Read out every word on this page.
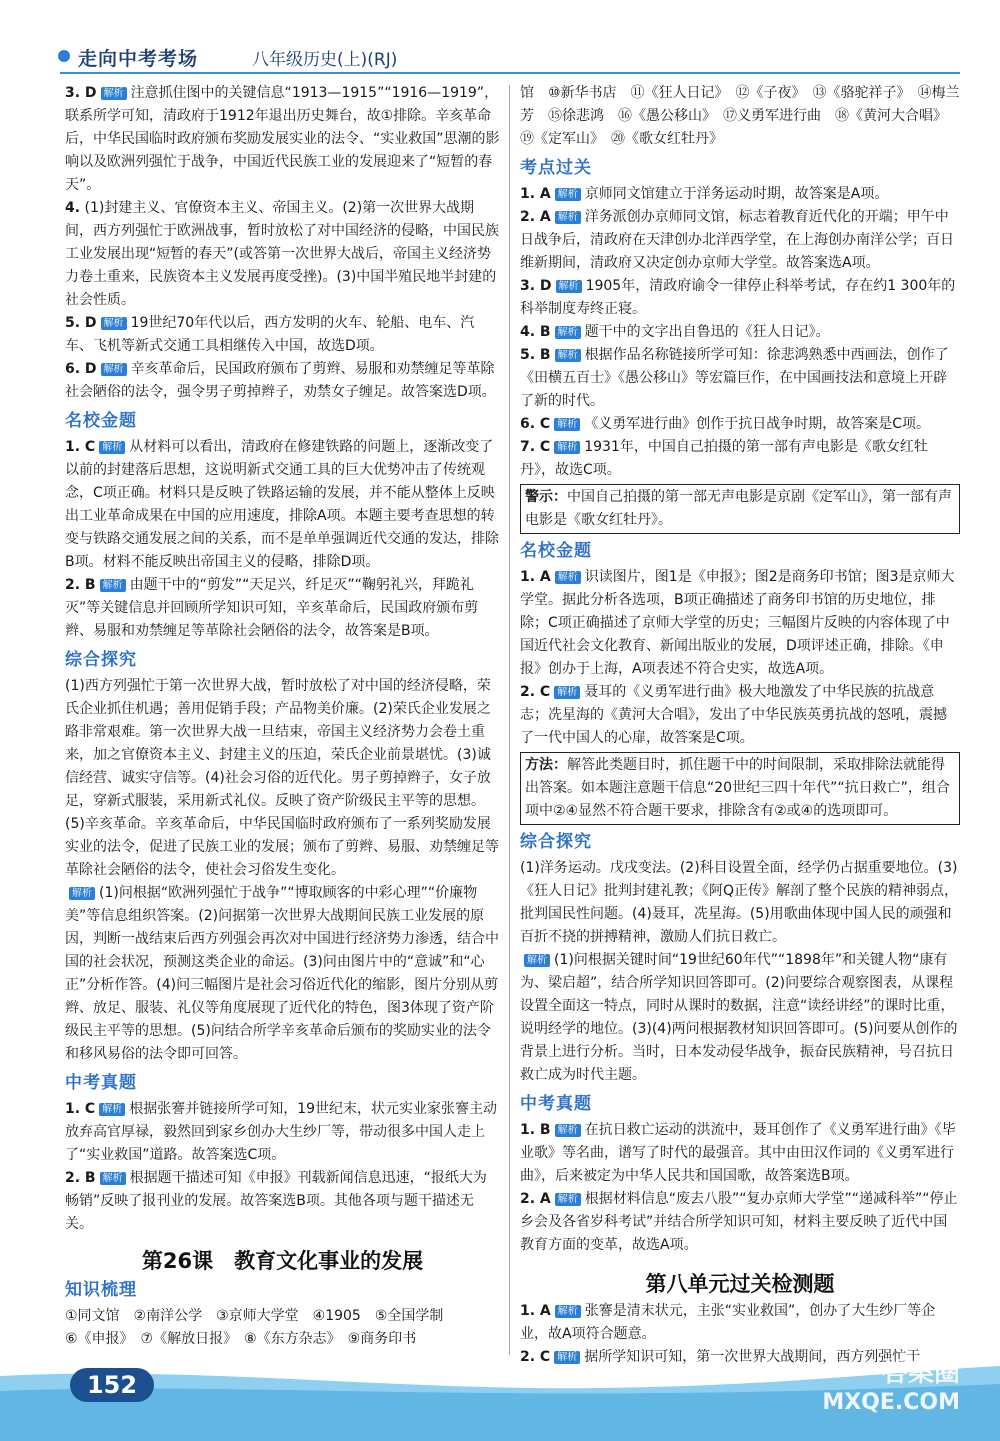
走向中考考场	八年级历史(上)(RJ)
3. D 解析 注意抓住图中的关键信息“1913—1915”“1916—1919”，联系所学可知，清政府于1912年退出历史舞台，故①排除。辛亥革命后，中华民国临时政府颁布奖励发展实业的法令、“实业救国”思潮的影响以及欧洲列强忙于战争，中国近代民族工业的发展迎来了“短暂的春天”。
4. (1)封建主义、官僚资本主义、帝国主义。(2)第一次世界大战期间，西方列强忙于欧洲战事，暂时放松了对中国经济的侵略，中国民族工业发展出现“短暂的春天”(或答第一次世界大战后，帝国主义经济势力卷土重来，民族资本主义发展再度受挫)。(3)中国半殖民地半封建的社会性质。
5. D 解析 19世纪70年代以后，西方发明的火车、轮船、电车、汽车、飞机等新式交通工具相继传入中国，故选D项。
6. D 解析 辛亥革命后，民国政府颁布了剪辫、易服和劝禁缠足等革除社会陋俗的法令，强令男子剪掉辫子，劝禁女子缠足。故答案选D项。
名校金题
1. C 解析 从材料可以看出，清政府在修建铁路的问题上，逐渐改变了以前的封建落后思想，这说明新式交通工具的巨大优势冲击了传统观念，C项正确。材料只是反映了铁路运输的发展，并不能从整体上反映出工业革命成果在中国的应用速度，排除A项。本题主要考查思想的转变与铁路交通发展之间的关系，而不是单单强调近代交通的发达，排除B项。材料不能反映出帝国主义的侵略，排除D项。
2. B 解析 由题干中的“剪发”“天足兴，纤足灭”“鞠躬礼兴，拜跪礼灭”等关键信息并回顾所学知识可知，辛亥革命后，民国政府颁布剪辫、易服和劝禁缠足等革除社会陋俗的法令，故答案是B项。
综合探究
(1)西方列强忙于第一次世界大战，暂时放松了对中国的经济侵略，荣氏企业抓住机遇；善用促销手段；产品物美价廉。(2)荣氏企业发展之路非常艰难。第一次世界大战一旦结束，帝国主义经济势力会卷土重来，加之官僚资本主义、封建主义的压迫，荣氏企业前景堪忧。(3)诚信经营、诚实守信等。(4)社会习俗的近代化。男子剪掉辫子，女子放足，穿新式服装，采用新式礼仪。反映了资产阶级民主平等的思想。(5)辛亥革命。辛亥革命后，中华民国临时政府颁布了一系列奖励发展实业的法令，促进了民族工业的发展；颁布了剪辫、易服、劝禁缠足等革除社会陋俗的法令，使社会习俗发生变化。
解析 (1)问根据“欧洲列强忙于战争”“博取顾客的中彩心理”“价廉物美”等信息组织答案。(2)问据第一次世界大战期间民族工业发展的原因，判断一战结束后西方列强会再次对中国进行经济势力渗透，结合中国的社会状况，预测这类企业的命运。(3)问由图片中的“意诚”和“心正”分析作答。(4)问三幅图片是社会习俗近代化的缩影，图片分别从剪辫、放足、服装、礼仪等角度展现了近代化的特色，图3体现了资产阶级民主平等的思想。(5)问结合所学辛亥革命后颁布的奖励实业的法令和移风易俗的法令即可回答。
中考真题
1. C 解析 根据张謇并链接所学可知，19世纪末，状元实业家张謇主动放弃高官厚禄，毅然回到家乡创办大生纱厂等，带动很多中国人走上了“实业救国”道路。故答案选C项。
2. B 解析 根据题干描述可知《申报》刊载新闻信息迅速，“报纸大为畅销”反映了报刊业的发展。故答案选B项。其他各项与题干描述无关。
第26课　教育文化事业的发展
知识梳理
①同文馆　②南洋公学　③京师大学堂　④1905　⑤全国学制
⑥《申报》　⑦《解放日报》　⑧《东方杂志》　⑨商务印书
馆　⑩新华书店　⑪《狂人日记》　⑫《子夜》　⑬《骆驼祥子》　⑭梅兰芳　⑮徐悲鸿　⑯《愚公移山》　⑰义勇军进行曲　⑱《黄河大合唱》　⑲《定军山》　⑳《歌女红牡丹》
考点过关
1. A 解析 京师同文馆建立于洋务运动时期，故答案是A项。
2. A 解析 洋务派创办京师同文馆，标志着教育近代化的开端；甲午中日战争后，清政府在天津创办北洋西学堂，在上海创办南洋公学；百日维新期间，清政府又决定创办京师大学堂。故答案选A项。
3. D 解析 1905年，清政府谕令一律停止科举考试，存在约1 300年的科举制度寿终正寝。
4. B 解析 题干中的文字出自鲁迅的《狂人日记》。
5. B 解析 根据作品名称链接所学可知：徐悲鸿熟悉中西画法，创作了《田横五百士》《愚公移山》等宏篇巨作，在中国画技法和意境上开辟了新的时代。
6. C 解析 《义勇军进行曲》创作于抗日战争时期，故答案是C项。
7. C 解析 1931年，中国自己拍摄的第一部有声电影是《歌女红牡丹》，故选C项。
警示：中国自己拍摄的第一部无声电影是京剧《定军山》，第一部有声电影是《歌女红牡丹》。
名校金题
1. A 解析 识读图片，图1是《申报》；图2是商务印书馆；图3是京师大学堂。据此分析各选项，B项正确描述了商务印书馆的历史地位，排除；C项正确描述了京师大学堂的历史；三幅图片反映的内容体现了中国近代社会文化教育、新闻出版业的发展，D项评述正确，排除。《申报》创办于上海，A项表述不符合史实，故选A项。
2. C 解析 聂耳的《义勇军进行曲》极大地激发了中华民族的抗战意志；冼星海的《黄河大合唱》，发出了中华民族英勇抗战的怒吼，震撼了一代中国人的心扉，故答案是C项。
方法：解答此类题目时，抓住题干中的时间限制，采取排除法就能得出答案。如本题注意题干信息“20世纪三四十年代”“抗日救亡”，组合项中②④显然不符合题干要求，排除含有②或④的选项即可。
综合探究
(1)洋务运动。戊戌变法。(2)科目设置全面，经学仍占据重要地位。(3)《狂人日记》批判封建礼教；《阿Q正传》解剖了整个民族的精神弱点，批判国民性问题。(4)聂耳，冼星海。(5)用歌曲体现中国人民的顽强和百折不挠的拼搏精神，激励人们抗日救亡。
解析 (1)问根据关键时间“19世纪60年代”“1898年”和关键人物“康有为、梁启超”，结合所学知识回答即可。(2)问要综合观察图表，从课程设置全面这一特点，同时从课时的数据，注意“读经讲经”的课时比重，说明经学的地位。(3)(4)两问根据教材知识回答即可。(5)问要从创作的背景上进行分析。当时，日本发动侵华战争，振奋民族精神，号召抗日救亡成为时代主题。
中考真题
1. B 解析 在抗日救亡运动的洪流中，聂耳创作了《义勇军进行曲》《毕业歌》等名曲，谱写了时代的最强音。其中由田汉作词的《义勇军进行曲》，后来被定为中华人民共和国国歌，故答案选B项。
2. A 解析 根据材料信息“废去八股”“复办京师大学堂”“递减科举”“停止乡会及各省岁科考试”并结合所学知识可知，材料主要反映了近代中国教育方面的变革，故选A项。
第八单元过关检测题
1. A 解析 张謇是清末状元，主张“实业救国”，创办了大生纱厂等企业，故A项符合题意。
2. C 解析 据所学知识可知，第一次世界大战期间，西方列强忙于
152	答案圈
MXQE.COM
